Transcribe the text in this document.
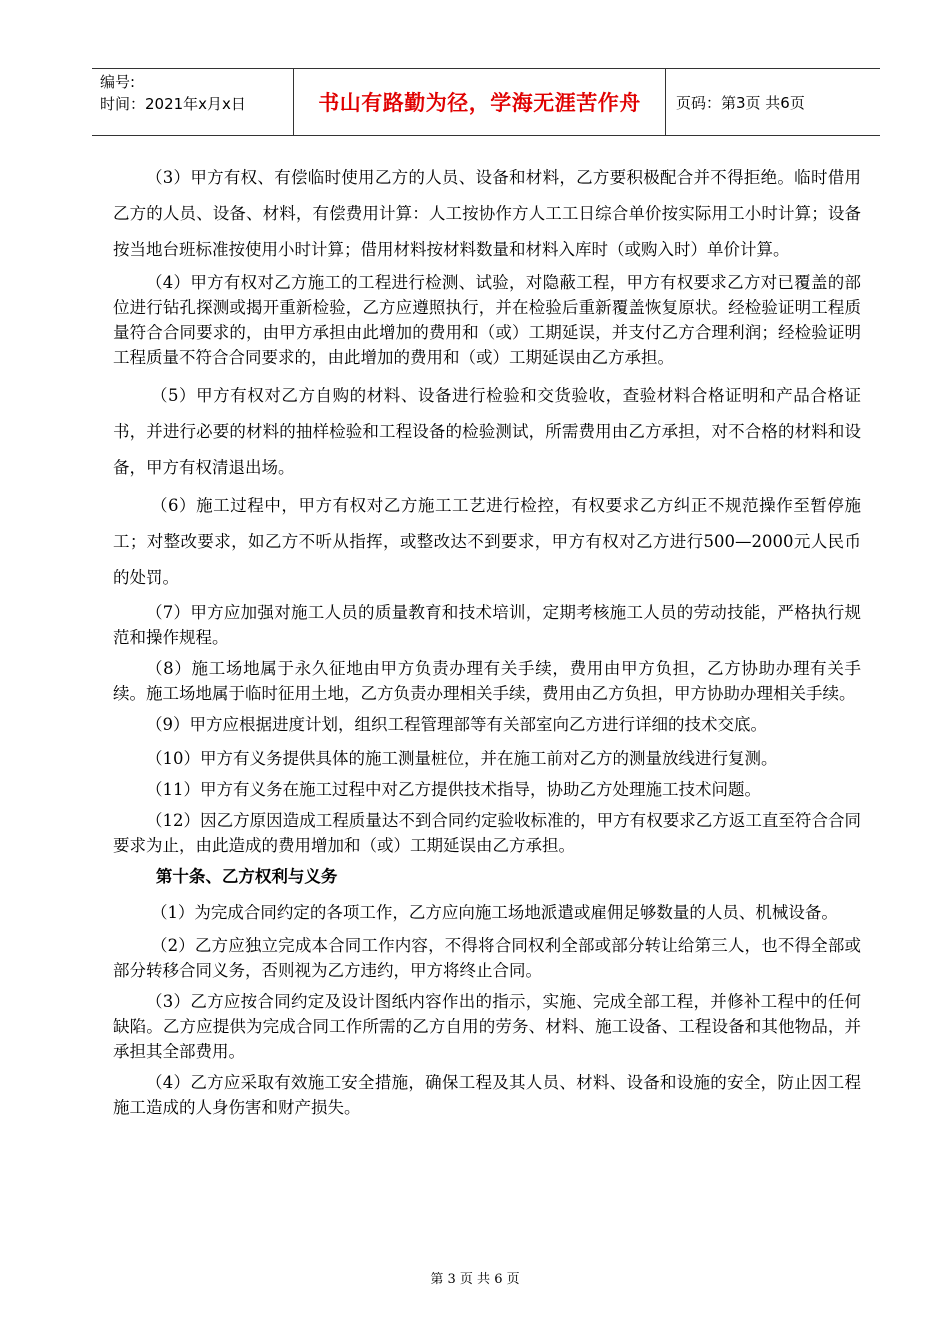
编号:
时间：2021年x月x日	书山有路勤为径，学海无涯苦作舟	页码：第3页 共6页

（3）甲方有权、有偿临时使用乙方的人员、设备和材料，乙方要积极配合并不得拒绝。临时借用乙方的人员、设备、材料，有偿费用计算：人工按协作方人工工日综合单价按实际用工小时计算；设备按当地台班标准按使用小时计算；借用材料按材料数量和材料入库时（或购入时）单价计算。

（4）甲方有权对乙方施工的工程进行检测、试验，对隐蔽工程，甲方有权要求乙方对已覆盖的部位进行钻孔探测或揭开重新检验，乙方应遵照执行，并在检验后重新覆盖恢复原状。经检验证明工程质量符合合同要求的，由甲方承担由此增加的费用和（或）工期延误，并支付乙方合理利润；经检验证明工程质量不符合合同要求的，由此增加的费用和（或）工期延误由乙方承担。

（5）甲方有权对乙方自购的材料、设备进行检验和交货验收，查验材料合格证明和产品合格证书，并进行必要的材料的抽样检验和工程设备的检验测试，所需费用由乙方承担，对不合格的材料和设备，甲方有权清退出场。

（6）施工过程中，甲方有权对乙方施工工艺进行检控，有权要求乙方纠正不规范操作至暂停施工；对整改要求，如乙方不听从指挥，或整改达不到要求，甲方有权对乙方进行500—2000元人民币的处罚。

（7）甲方应加强对施工人员的质量教育和技术培训，定期考核施工人员的劳动技能，严格执行规范和操作规程。

（8）施工场地属于永久征地由甲方负责办理有关手续，费用由甲方负担，乙方协助办理有关手续。施工场地属于临时征用土地，乙方负责办理相关手续，费用由乙方负担，甲方协助办理相关手续。

（9）甲方应根据进度计划，组织工程管理部等有关部室向乙方进行详细的技术交底。

（10）甲方有义务提供具体的施工测量桩位，并在施工前对乙方的测量放线进行复测。

（11）甲方有义务在施工过程中对乙方提供技术指导，协助乙方处理施工技术问题。

（12）因乙方原因造成工程质量达不到合同约定验收标准的，甲方有权要求乙方返工直至符合合同要求为止，由此造成的费用增加和（或）工期延误由乙方承担。

第十条、乙方权利与义务

（1）为完成合同约定的各项工作，乙方应向施工场地派遣或雇佣足够数量的人员、机械设备。

（2）乙方应独立完成本合同工作内容，不得将合同权利全部或部分转让给第三人，也不得全部或部分转移合同义务，否则视为乙方违约，甲方将终止合同。

（3）乙方应按合同约定及设计图纸内容作出的指示，实施、完成全部工程，并修补工程中的任何缺陷。乙方应提供为完成合同工作所需的乙方自用的劳务、材料、施工设备、工程设备和其他物品，并承担其全部费用。

（4）乙方应采取有效施工安全措施，确保工程及其人员、材料、设备和设施的安全，防止因工程施工造成的人身伤害和财产损失。

第 3 页 共 6 页
